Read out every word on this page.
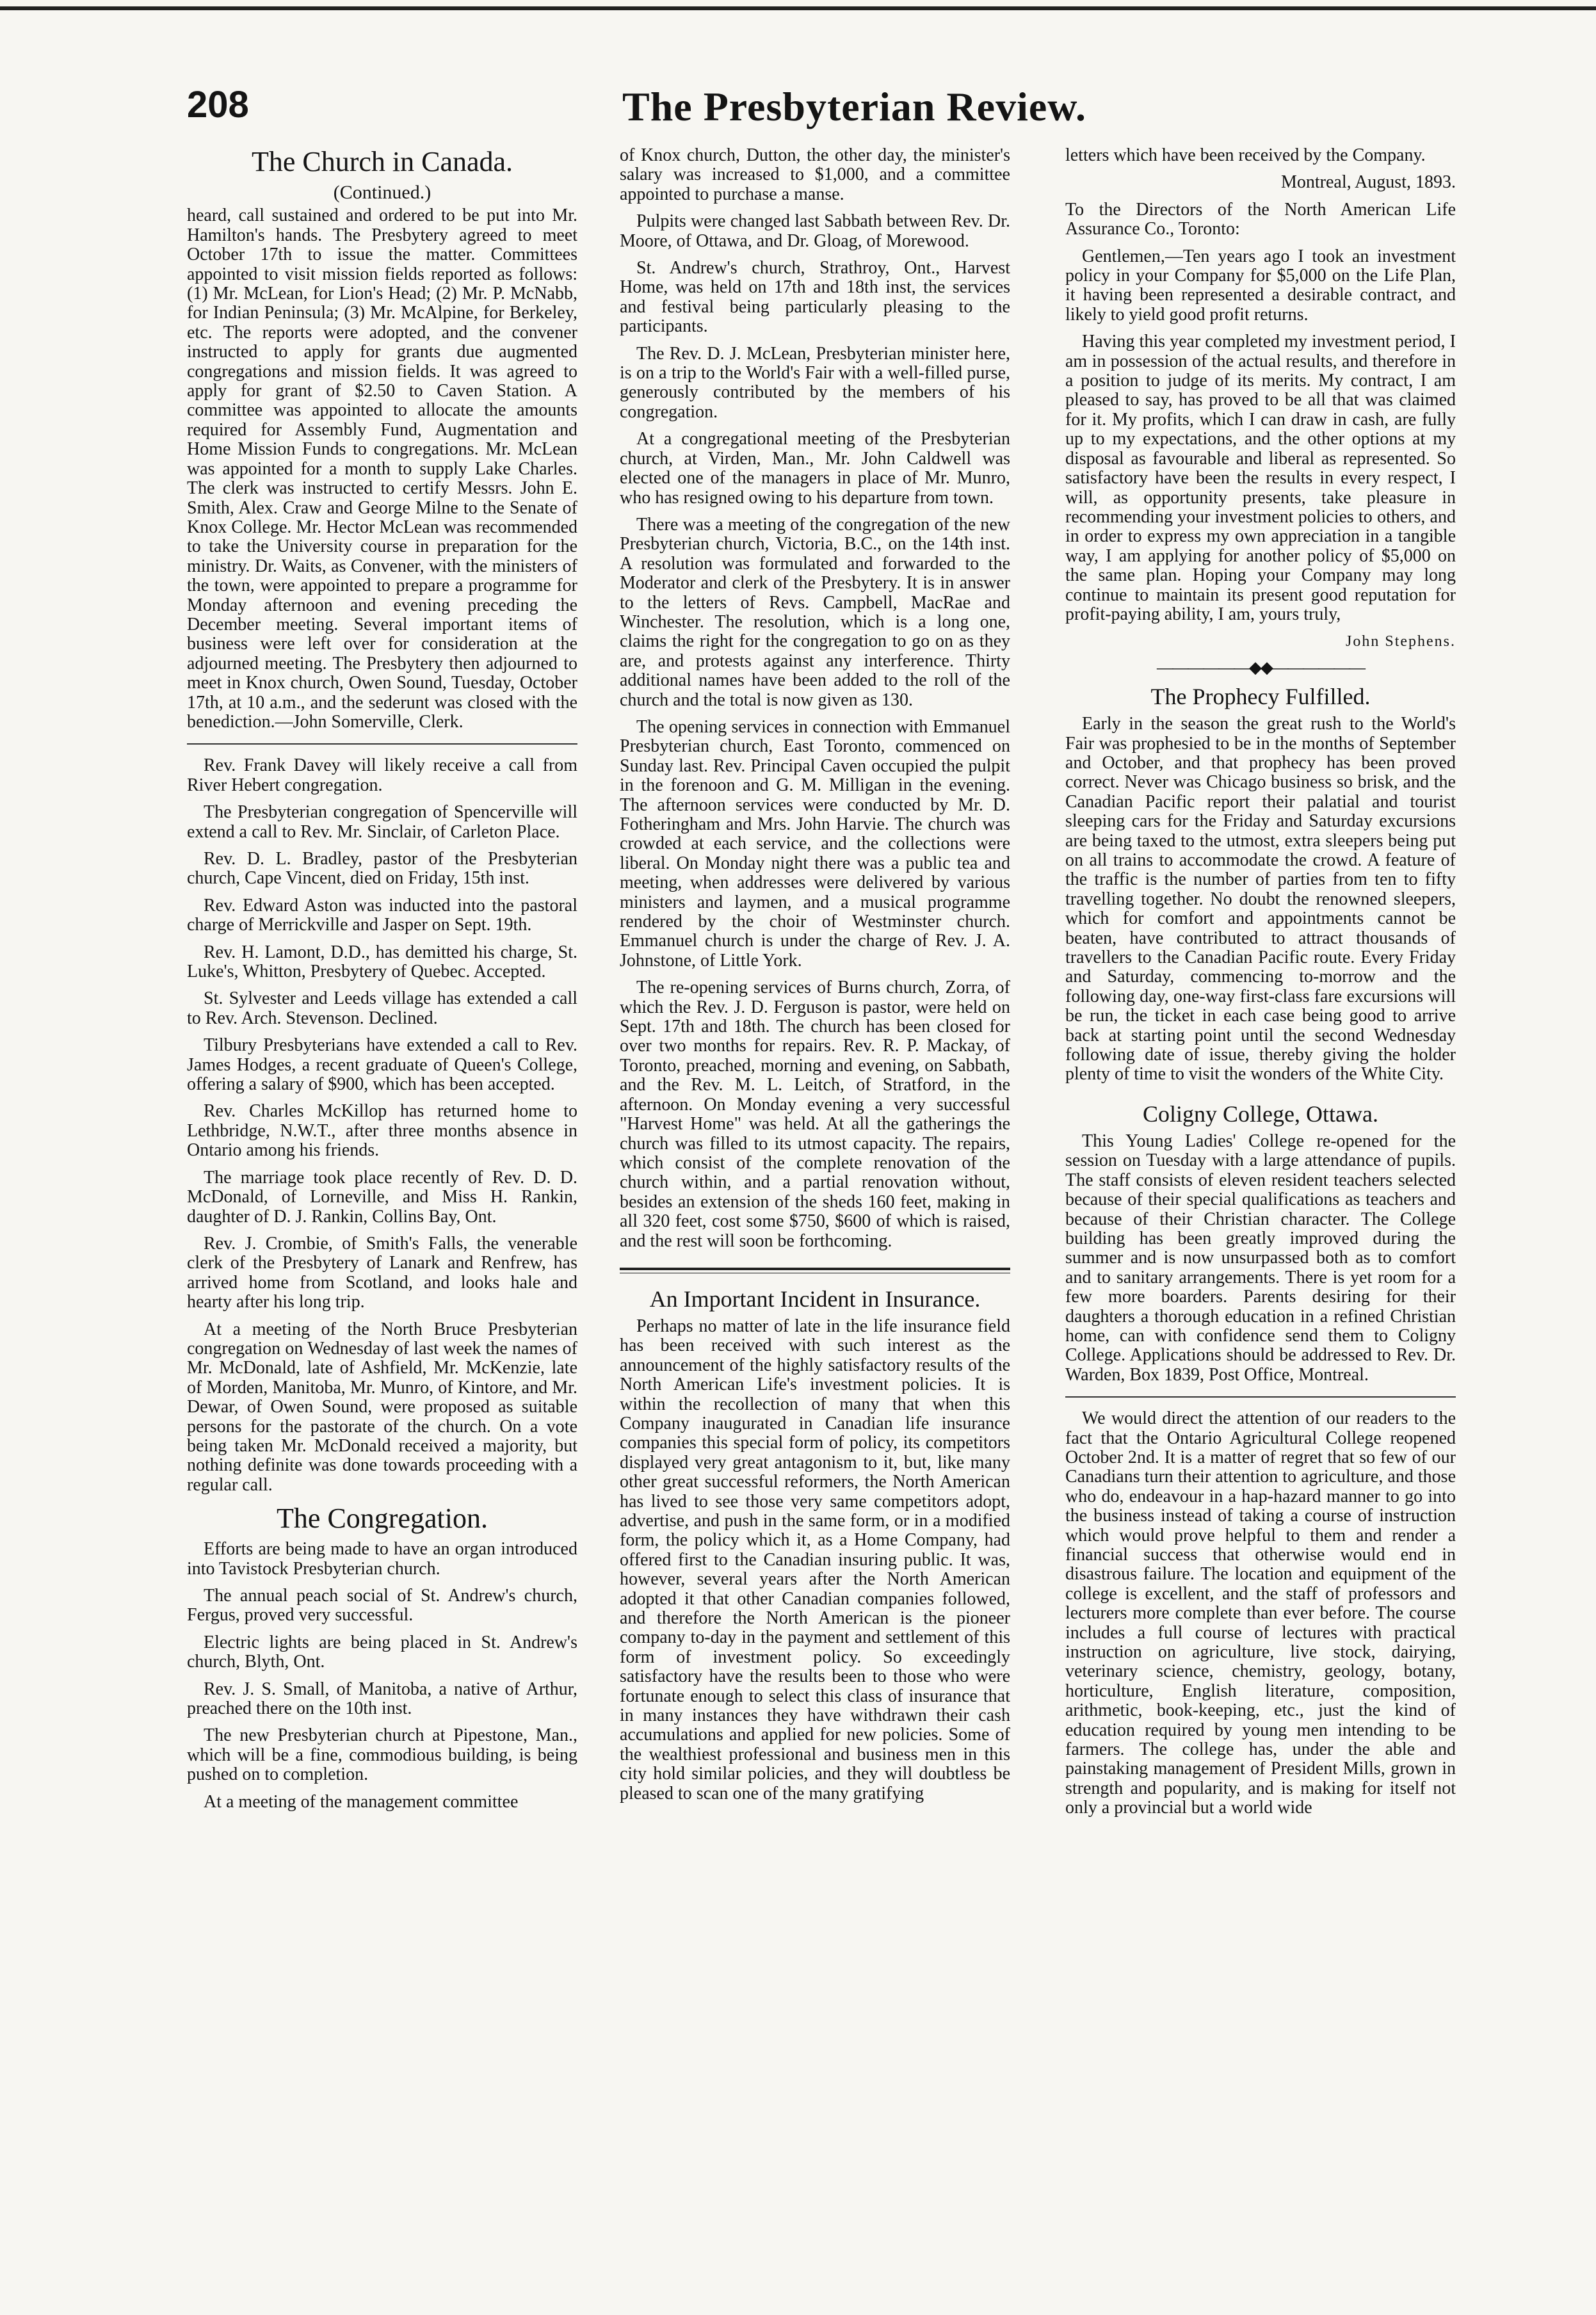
208	The Presbyterian Review.
The Church in Canada.
(Continued.)

heard, call sustained and ordered to be put into Mr. Hamilton's hands. The Presbytery agreed to meet October 17th to issue the matter. Committees appointed to visit mission fields reported as follows: (1) Mr. McLean, for Lion's Head; (2) Mr. P. McNabb, for Indian Peninsula; (3) Mr. McAlpine, for Berkeley, etc. The reports were adopted, and the convener instructed to apply for grants due augmented congregations and mission fields. It was agreed to apply for grant of $2.50 to Caven Station. A committee was appointed to allocate the amounts required for Assembly Fund, Augmentation and Home Mission Funds to congregations. Mr. McLean was appointed for a month to supply Lake Charles. The clerk was instructed to certify Messrs. John E. Smith, Alex. Craw and George Milne to the Senate of Knox College. Mr. Hector McLean was recommended to take the University course in preparation for the ministry. Dr. Waits, as Convener, with the ministers of the town, were appointed to prepare a programme for Monday afternoon and evening preceding the December meeting. Several important items of business were left over for consideration at the adjourned meeting. The Presbytery then adjourned to meet in Knox church, Owen Sound, Tuesday, October 17th, at 10 a.m., and the sederunt was closed with the benediction.—John Somerville, Clerk.

Rev. Frank Davey will likely receive a call from River Hebert congregation.

The Presbyterian congregation of Spencerville will extend a call to Rev. Mr. Sinclair, of Carleton Place.

Rev. D. L. Bradley, pastor of the Presbyterian church, Cape Vincent, died on Friday, 15th inst.

Rev. Edward Aston was inducted into the pastoral charge of Merrickville and Jasper on Sept. 19th.

Rev. H. Lamont, D.D., has demitted his charge, St. Luke's, Whitton, Presbytery of Quebec. Accepted.

St. Sylvester and Leeds village has extended a call to Rev. Arch. Stevenson. Declined.

Tilbury Presbyterians have extended a call to Rev. James Hodges, a recent graduate of Queen's College, offering a salary of $900, which has been accepted.

Rev. Charles McKillop has returned home to Lethbridge, N.W.T., after three months absence in Ontario among his friends.

The marriage took place recently of Rev. D. D. McDonald, of Lorneville, and Miss H. Rankin, daughter of D. J. Rankin, Collins Bay, Ont.

Rev. J. Crombie, of Smith's Falls, the venerable clerk of the Presbytery of Lanark and Renfrew, has arrived home from Scotland, and looks hale and hearty after his long trip.

At a meeting of the North Bruce Presbyterian congregation on Wednesday of last week the names of Mr. McDonald, late of Ashfield, Mr. McKenzie, late of Morden, Manitoba, Mr. Munro, of Kintore, and Mr. Dewar, of Owen Sound, were proposed as suitable persons for the pastorate of the church. On a vote being taken Mr. McDonald received a majority, but nothing definite was done towards proceeding with a regular call.

The Congregation.

Efforts are being made to have an organ introduced into Tavistock Presbyterian church.

The annual peach social of St. Andrew's church, Fergus, proved very successful.

Electric lights are being placed in St. Andrew's church, Blyth, Ont.

Rev. J. S. Small, of Manitoba, a native of Arthur, preached there on the 10th inst.

The new Presbyterian church at Pipestone, Man., which will be a fine, commodious building, is being pushed on to completion.

At a meeting of the management committee

of Knox church, Dutton, the other day, the minister's salary was increased to $1,000, and a committee appointed to purchase a manse.

Pulpits were changed last Sabbath between Rev. Dr. Moore, of Ottawa, and Dr. Gloag, of Morewood.

St. Andrew's church, Strathroy, Ont., Harvest Home, was held on 17th and 18th inst, the services and festival being particularly pleasing to the participants.

The Rev. D. J. McLean, Presbyterian minister here, is on a trip to the World's Fair with a well-filled purse, generously contributed by the members of his congregation.

At a congregational meeting of the Presbyterian church, at Virden, Man., Mr. John Caldwell was elected one of the managers in place of Mr. Munro, who has resigned owing to his departure from town.

There was a meeting of the congregation of the new Presbyterian church, Victoria, B.C., on the 14th inst. A resolution was formulated and forwarded to the Moderator and clerk of the Presbytery. It is in answer to the letters of Revs. Campbell, MacRae and Winchester. The resolution, which is a long one, claims the right for the congregation to go on as they are, and protests against any interference. Thirty additional names have been added to the roll of the church and the total is now given as 130.

The opening services in connection with Emmanuel Presbyterian church, East Toronto, commenced on Sunday last. Rev. Principal Caven occupied the pulpit in the forenoon and G. M. Milligan in the evening. The afternoon services were conducted by Mr. D. Fotheringham and Mrs. John Harvie. The church was crowded at each service, and the collections were liberal. On Monday night there was a public tea and meeting, when addresses were delivered by various ministers and laymen, and a musical programme rendered by the choir of Westminster church. Emmanuel church is under the charge of Rev. J. A. Johnstone, of Little York.

The re-opening services of Burns church, Zorra, of which the Rev. J. D. Ferguson is pastor, were held on Sept. 17th and 18th. The church has been closed for over two months for repairs. Rev. R. P. Mackay, of Toronto, preached, morning and evening, on Sabbath, and the Rev. M. L. Leitch, of Stratford, in the afternoon. On Monday evening a very successful "Harvest Home" was held. At all the gatherings the church was filled to its utmost capacity. The repairs, which consist of the complete renovation of the church within, and a partial renovation without, besides an extension of the sheds 160 feet, making in all 320 feet, cost some $750, $600 of which is raised, and the rest will soon be forthcoming.

An Important Incident in Insurance.

Perhaps no matter of late in the life insurance field has been received with such interest as the announcement of the highly satisfactory results of the North American Life's investment policies. It is within the recollection of many that when this Company inaugurated in Canadian life insurance companies this special form of policy, its competitors displayed very great antagonism to it, but, like many other great successful reformers, the North American has lived to see those very same competitors adopt, advertise, and push in the same form, or in a modified form, the policy which it, as a Home Company, had offered first to the Canadian insuring public. It was, however, several years after the North American adopted it that other Canadian companies followed, and therefore the North American is the pioneer company to-day in the payment and settlement of this form of investment policy. So exceedingly satisfactory have the results been to those who were fortunate enough to select this class of insurance that in many instances they have withdrawn their cash accumulations and applied for new policies. Some of the wealthiest professional and business men in this city hold similar policies, and they will doubtless be pleased to scan one of the many gratifying

letters which have been received by the Company.

Montreal, August, 1893.

To the Directors of the North American Life Assurance Co., Toronto:

Gentlemen,—Ten years ago I took an investment policy in your Company for $5,000 on the Life Plan, it having been represented a desirable contract, and likely to yield good profit returns.

Having this year completed my investment period, I am in possession of the actual results, and therefore in a position to judge of its merits. My contract, I am pleased to say, has proved to be all that was claimed for it. My profits, which I can draw in cash, are fully up to my expectations, and the other options at my disposal as favourable and liberal as represented. So satisfactory have been the results in every respect, I will, as opportunity presents, take pleasure in recommending your investment policies to others, and in order to express my own appreciation in a tangible way, I am applying for another policy of $5,000 on the same plan. Hoping your Company may long continue to maintain its present good reputation for profit-paying ability, I am, yours truly,

John Stephens.
——————◆◆——————
The Prophecy Fulfilled.

Early in the season the great rush to the World's Fair was prophesied to be in the months of September and October, and that prophecy has been proved correct. Never was Chicago business so brisk, and the Canadian Pacific report their palatial and tourist sleeping cars for the Friday and Saturday excursions are being taxed to the utmost, extra sleepers being put on all trains to accommodate the crowd. A feature of the traffic is the number of parties from ten to fifty travelling together. No doubt the renowned sleepers, which for comfort and appointments cannot be beaten, have contributed to attract thousands of travellers to the Canadian Pacific route. Every Friday and Saturday, commencing to-morrow and the following day, one-way first-class fare excursions will be run, the ticket in each case being good to arrive back at starting point until the second Wednesday following date of issue, thereby giving the holder plenty of time to visit the wonders of the White City.

Coligny College, Ottawa.

This Young Ladies' College re-opened for the session on Tuesday with a large attendance of pupils. The staff consists of eleven resident teachers selected because of their special qualifications as teachers and because of their Christian character. The College building has been greatly improved during the summer and is now unsurpassed both as to comfort and to sanitary arrangements. There is yet room for a few more boarders. Parents desiring for their daughters a thorough education in a refined Christian home, can with confidence send them to Coligny College. Applications should be addressed to Rev. Dr. Warden, Box 1839, Post Office, Montreal.

We would direct the attention of our readers to the fact that the Ontario Agricultural College reopened October 2nd. It is a matter of regret that so few of our Canadians turn their attention to agriculture, and those who do, endeavour in a hap-hazard manner to go into the business instead of taking a course of instruction which would prove helpful to them and render a financial success that otherwise would end in disastrous failure. The location and equipment of the college is excellent, and the staff of professors and lecturers more complete than ever before. The course includes a full course of lectures with practical instruction on agriculture, live stock, dairying, veterinary science, chemistry, geology, botany, horticulture, English literature, composition, arithmetic, book-keeping, etc., just the kind of education required by young men intending to be farmers. The college has, under the able and painstaking management of President Mills, grown in strength and popularity, and is making for itself not only a provincial but a world wide
